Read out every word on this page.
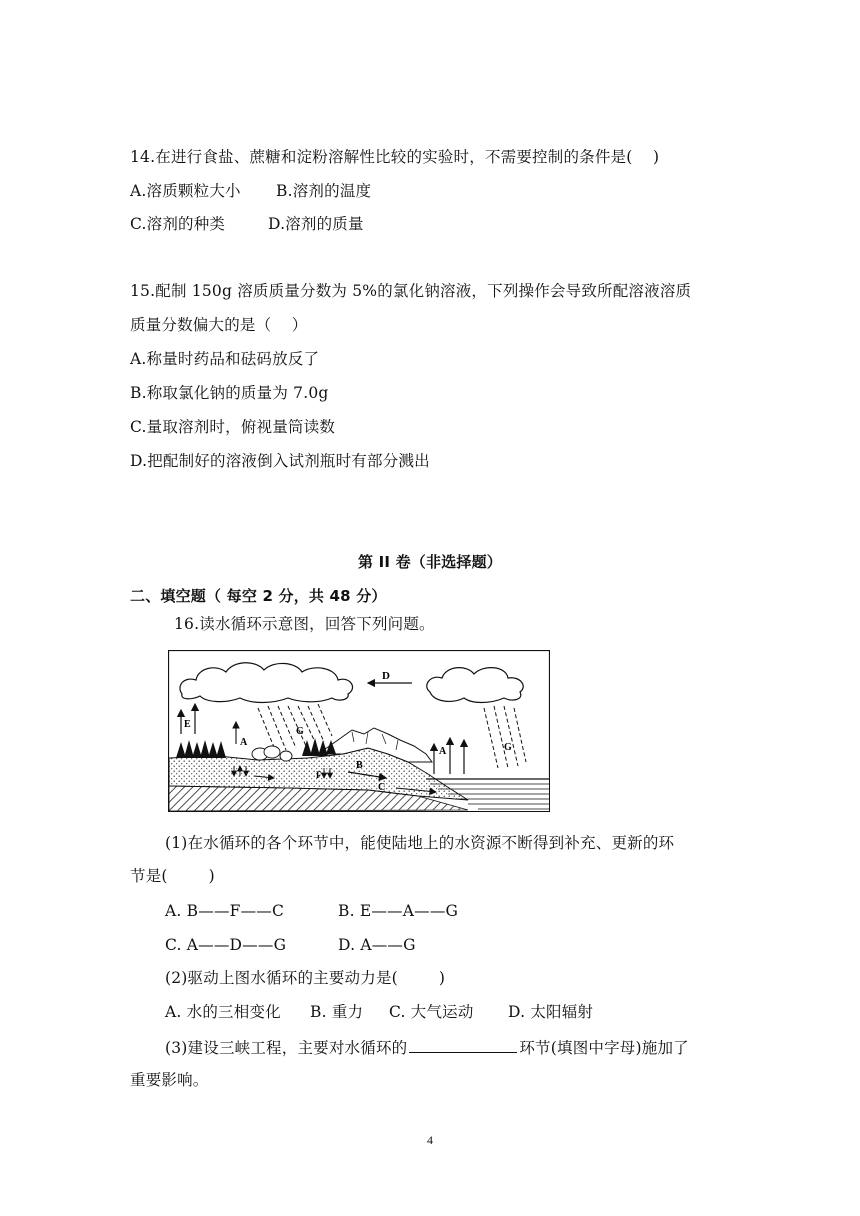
14.在进行食盐、蔗糖和淀粉溶解性比较的实验时，不需要控制的条件是(    )
A.溶质颗粒大小 B.溶剂的温度
C.溶剂的种类	D.溶剂的质量
15.配制 150g 溶质质量分数为 5%的氯化钠溶液，下列操作会导致所配溶液溶质
质量分数偏大的是（    ）
A.称量时药品和砝码放反了
B.称取氯化钠的质量为 7.0g
C.量取溶剂时，俯视量筒读数
D.把配制好的溶液倒入试剂瓶时有部分溅出
第 II 卷（非选择题）
二、填空题（ 每空 2 分，共 48 分）
16.读水循环示意图，回答下列问题。
D
G
G
E
A
A
F
B
C
(1)在水循环的各个环节中，能使陆地上的水资源不断得到补充、更新的环
节是(        )
A. B——F——C	B. E——A——G
C. A——D——G	D. A——G
(2)驱动上图水循环的主要动力是(        )
A. 水的三相变化 B. 重力 C. 大气运动 D. 太阳辐射
(3)建设三峡工程，主要对水循环的	环节(填图中字母)施加了
重要影响。
4
